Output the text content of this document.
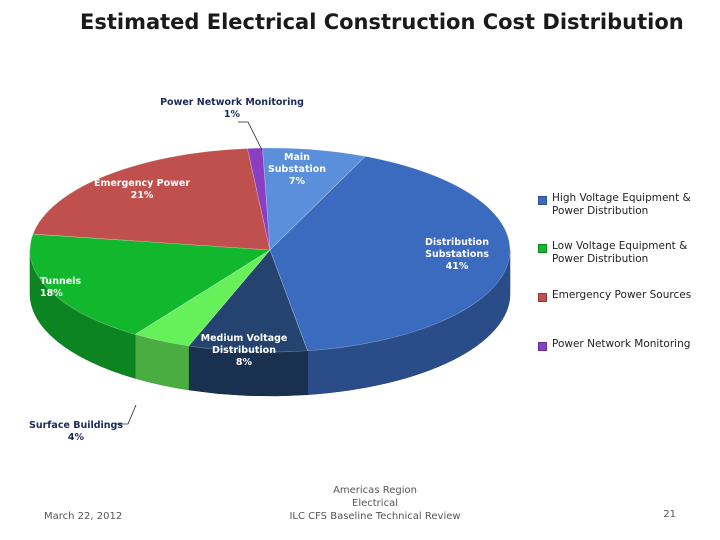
Estimated Electrical Construction Cost Distribution
Main Substation 7%
Distribution Substations 41%
Medium Voltage Distribution 8%
Surface Buildings 4%
Tunnels 18%
Emergency Power 21%
Power Network Monitoring 1%
High Voltage Equipment &
Power Distribution
Low Voltage Equipment &
Power Distribution
Emergency Power Sources
Power Network Monitoring
March 22, 2012
Americas Region
Electrical
ILC CFS Baseline Technical Review	21
